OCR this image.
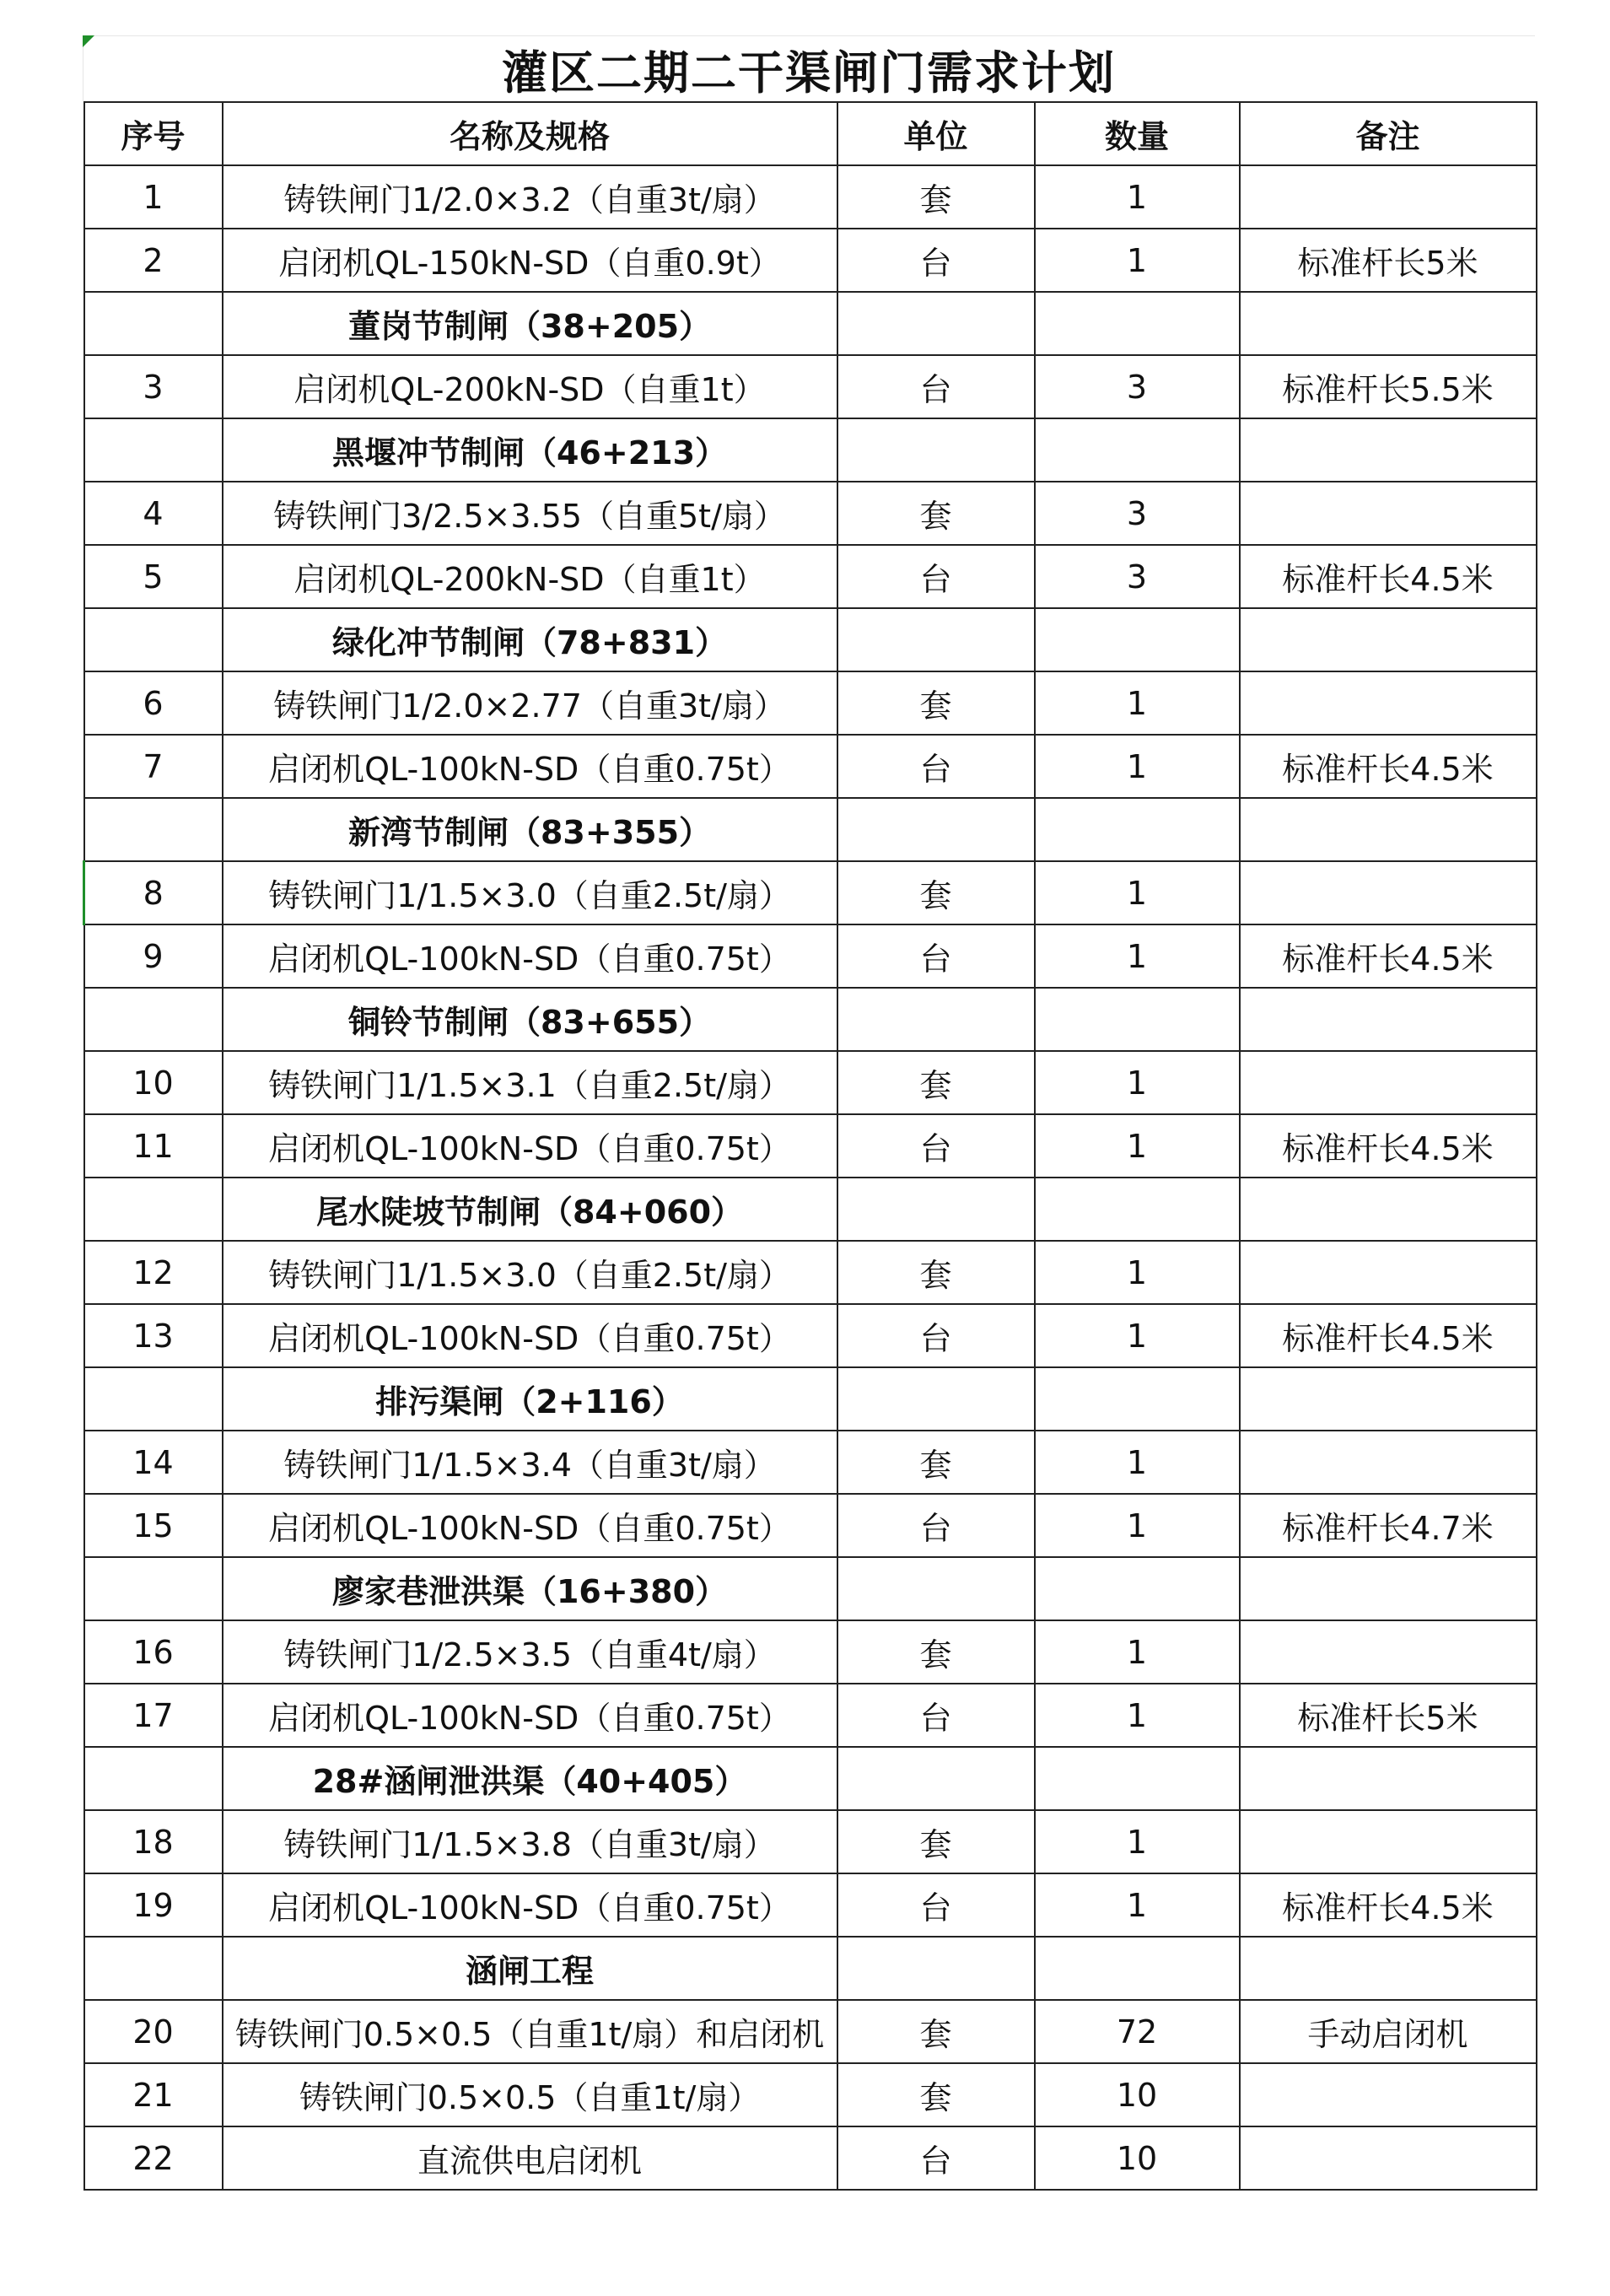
灌区二期二干渠闸门需求计划
序号	名称及规格	单位	数量	备注
1	铸铁闸门1/2.0×3.2（自重3t/扇）	套	1	
2	启闭机QL-150kN-SD（自重0.9t）	台	1	标准杆长5米
	董岗节制闸（38+205）			
3	启闭机QL-200kN-SD（自重1t）	台	3	标准杆长5.5米
	黑堰冲节制闸（46+213）			
4	铸铁闸门3/2.5×3.55（自重5t/扇）	套	3	
5	启闭机QL-200kN-SD（自重1t）	台	3	标准杆长4.5米
	绿化冲节制闸（78+831）			
6	铸铁闸门1/2.0×2.77（自重3t/扇）	套	1	
7	启闭机QL-100kN-SD（自重0.75t）	台	1	标准杆长4.5米
	新湾节制闸（83+355）			
8	铸铁闸门1/1.5×3.0（自重2.5t/扇）	套	1	
9	启闭机QL-100kN-SD（自重0.75t）	台	1	标准杆长4.5米
	铜铃节制闸（83+655）			
10	铸铁闸门1/1.5×3.1（自重2.5t/扇）	套	1	
11	启闭机QL-100kN-SD（自重0.75t）	台	1	标准杆长4.5米
	尾水陡坡节制闸（84+060）			
12	铸铁闸门1/1.5×3.0（自重2.5t/扇）	套	1	
13	启闭机QL-100kN-SD（自重0.75t）	台	1	标准杆长4.5米
	排污渠闸（2+116）			
14	铸铁闸门1/1.5×3.4（自重3t/扇）	套	1	
15	启闭机QL-100kN-SD（自重0.75t）	台	1	标准杆长4.7米
	廖家巷泄洪渠（16+380）			
16	铸铁闸门1/2.5×3.5（自重4t/扇）	套	1	
17	启闭机QL-100kN-SD（自重0.75t）	台	1	标准杆长5米
	28#涵闸泄洪渠（40+405）			
18	铸铁闸门1/1.5×3.8（自重3t/扇）	套	1	
19	启闭机QL-100kN-SD（自重0.75t）	台	1	标准杆长4.5米
	涵闸工程			
20	铸铁闸门0.5×0.5（自重1t/扇）和启闭机	套	72	手动启闭机
21	铸铁闸门0.5×0.5（自重1t/扇）	套	10	
22	直流供电启闭机	台	10	
